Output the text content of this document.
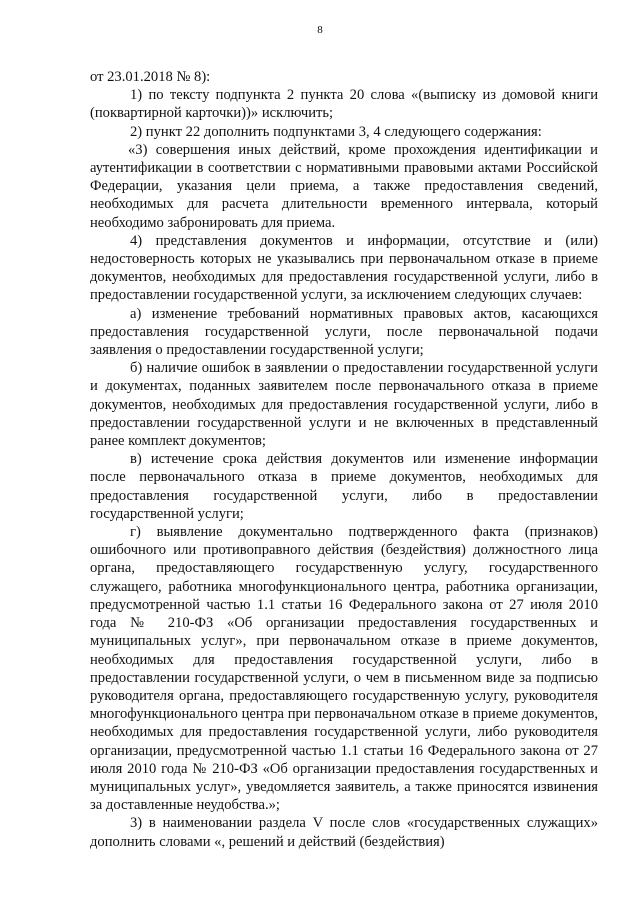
8

от 23.01.2018 № 8):

1) по тексту подпункта 2 пункта 20 слова «(выписку из домовой книги (поквартирной карточки))» исключить;

2) пункт 22 дополнить подпунктами 3, 4 следующего содержания:

«3) совершения иных действий, кроме прохождения идентификации и аутентификации в соответствии с нормативными правовыми актами Российской Федерации, указания цели приема, а также предоставления сведений, необходимых для расчета длительности временного интервала, который необходимо забронировать для приема.

4) представления документов и информации, отсутствие и (или) недостоверность которых не указывались при первоначальном отказе в приеме документов, необходимых для предоставления государственной услуги, либо в предоставлении государственной услуги, за исключением следующих случаев:

а) изменение требований нормативных правовых актов, касающихся предоставления государственной услуги, после первоначальной подачи заявления о предоставлении государственной услуги;

б) наличие ошибок в заявлении о предоставлении государственной услуги и документах, поданных заявителем после первоначального отказа в приеме документов, необходимых для предоставления государственной услуги, либо в предоставлении государственной услуги и не включенных в представленный ранее комплект документов;

в) истечение срока действия документов или изменение информации после первоначального отказа в приеме документов, необходимых для предоставления государственной услуги, либо в предоставлении государственной услуги;

г) выявление документально подтвержденного факта (признаков) ошибочного или противоправного действия (бездействия) должностного лица органа, предоставляющего государственную услугу, государственного служащего, работника многофункционального центра, работника организации, предусмотренной частью 1.1 статьи 16 Федерального закона от 27 июля 2010 года № 210-ФЗ «Об организации предоставления государственных и муниципальных услуг», при первоначальном отказе в приеме документов, необходимых для предоставления государственной услуги, либо в предоставлении государственной услуги, о чем в письменном виде за подписью руководителя органа, предоставляющего государственную услугу, руководителя многофункционального центра при первоначальном отказе в приеме документов, необходимых для предоставления государственной услуги, либо руководителя организации, предусмотренной частью 1.1 статьи 16 Федерального закона от 27 июля 2010 года № 210-ФЗ «Об организации предоставления государственных и муниципальных услуг», уведомляется заявитель, а также приносятся извинения за доставленные неудобства.»;

3) в наименовании раздела V после слов «государственных служащих» дополнить словами «, решений и действий (бездействия)
